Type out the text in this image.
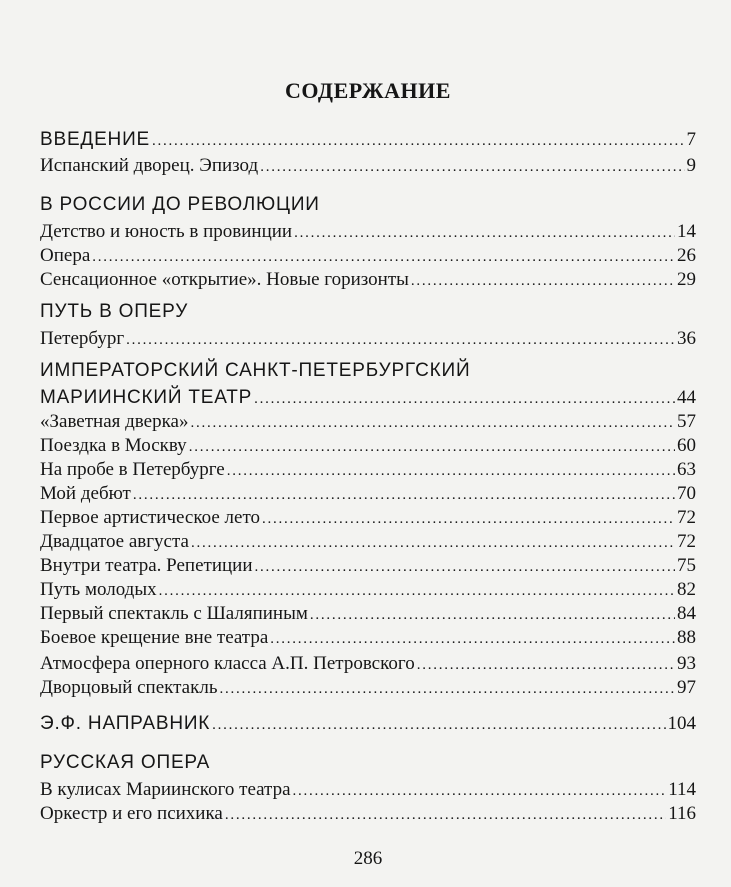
СОДЕРЖАНИЕ
ВВЕДЕНИЕ . . .	7
Испанский дворец. Эпизод . . .	9
В РОССИИ ДО РЕВОЛЮЦИИ
Детство и юность в провинции . . .	14
Опера . . .	26
Сенсационное «открытие». Новые горизонты . . .	29
ПУТЬ В ОПЕРУ
Петербург . . .	36
ИМПЕРАТОРСКИЙ САНКТ-ПЕТЕРБУРГСКИЙ
МАРИИНСКИЙ ТЕАТР . . .	44
«Заветная дверка» . . .	57
Поездка в Москву . . .	60
На пробе в Петербурге . . .	63
Мой дебют . . .	70
Первое артистическое лето . . .	72
Двадцатое августа . . .	72
Внутри театра. Репетиции . . .	75
Путь молодых . . .	82
Первый спектакль с Шаляпиным . . .	84
Боевое крещение вне театра . . .	88
Атмосфера оперного класса А.П. Петровского . . .	93
Дворцовый спектакль . . .	97
Э.Ф. НАПРАВНИК . . .	104
РУССКАЯ ОПЕРА
В кулисах Мариинского театра . . .	114
Оркестр и его психика . . .	116
286
